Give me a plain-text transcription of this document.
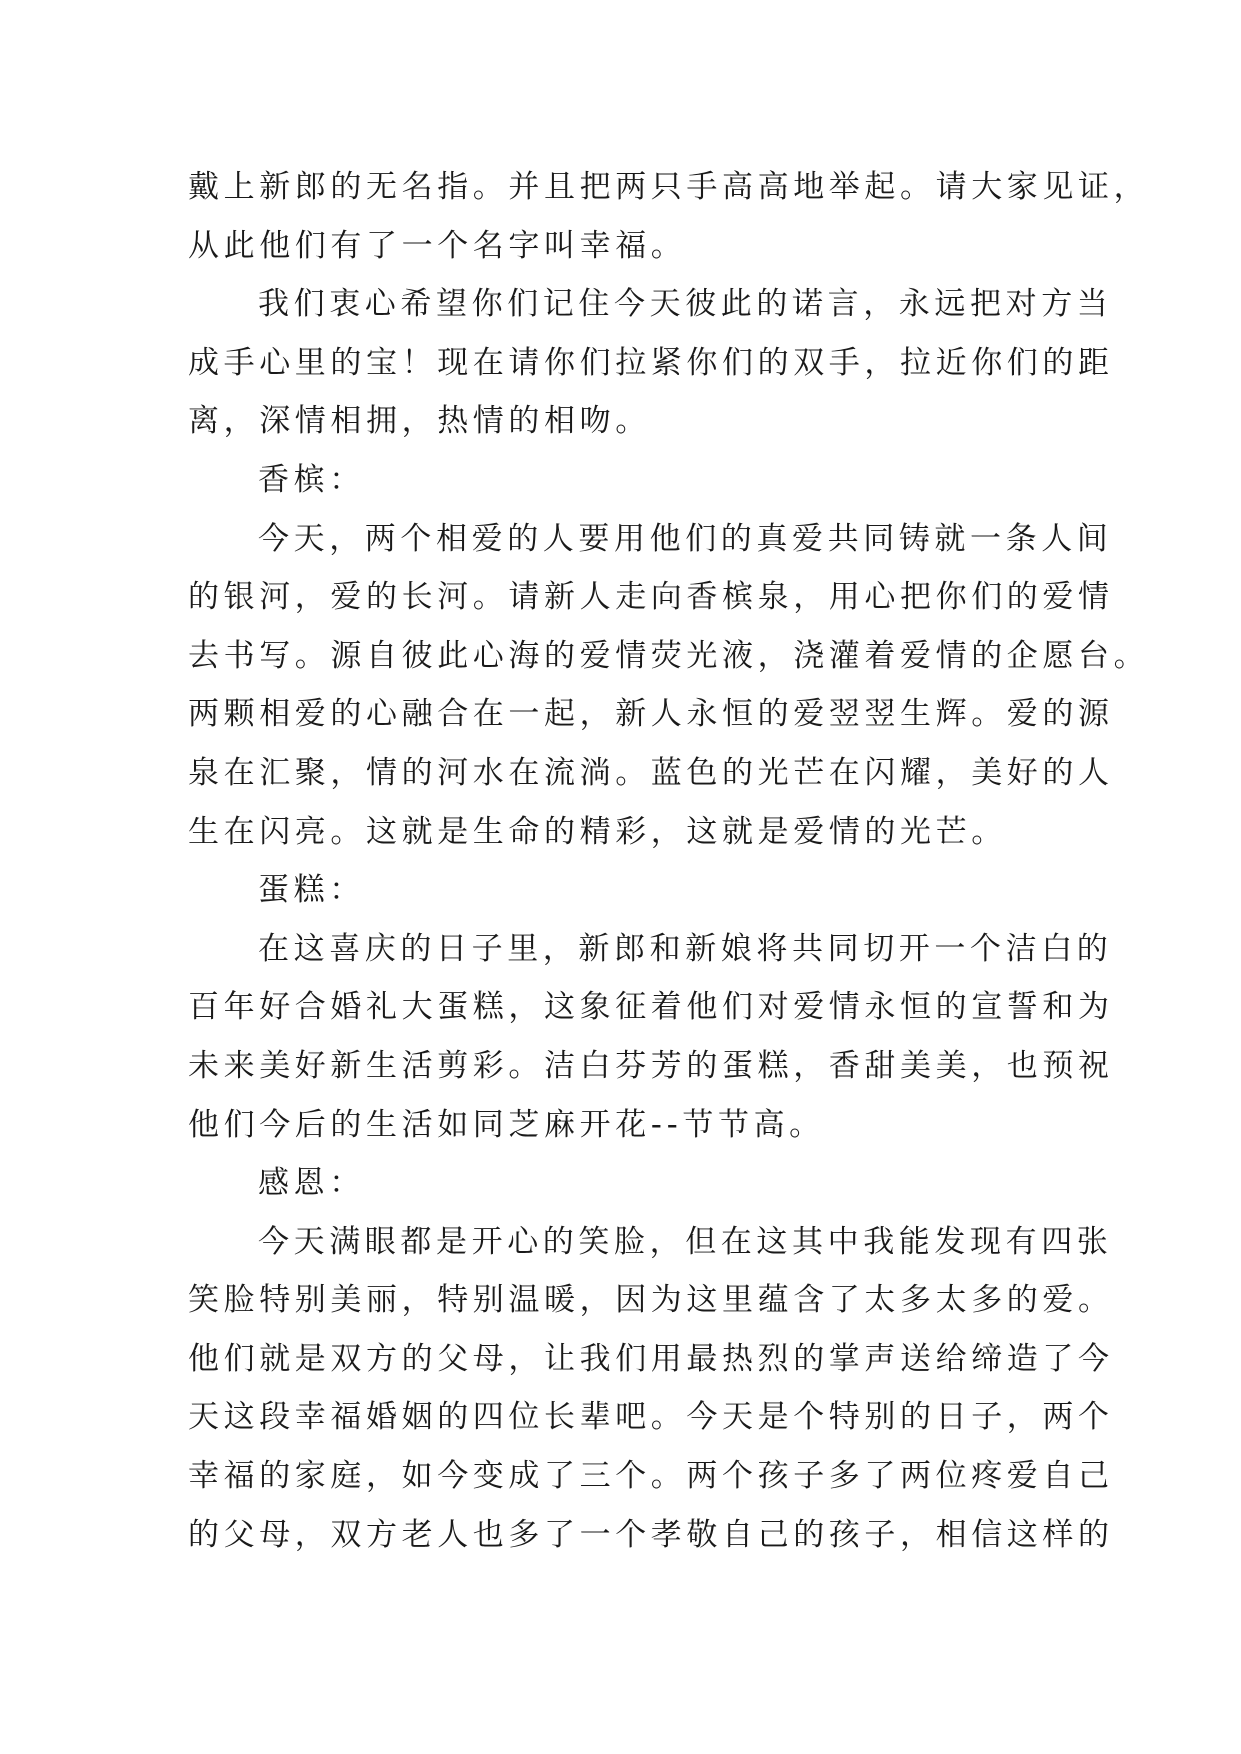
戴上新郎的无名指。并且把两只手高高地举起。请大家见证，
从此他们有了一个名字叫幸福。
我们衷心希望你们记住今天彼此的诺言，永远把对方当
成手心里的宝！现在请你们拉紧你们的双手，拉近你们的距
离，深情相拥，热情的相吻。
香槟：
今天，两个相爱的人要用他们的真爱共同铸就一条人间
的银河，爱的长河。请新人走向香槟泉，用心把你们的爱情
去书写。源自彼此心海的爱情荧光液，浇灌着爱情的企愿台。
两颗相爱的心融合在一起，新人永恒的爱翌翌生辉。爱的源
泉在汇聚，情的河水在流淌。蓝色的光芒在闪耀，美好的人
生在闪亮。这就是生命的精彩，这就是爱情的光芒。
蛋糕：
在这喜庆的日子里，新郎和新娘将共同切开一个洁白的
百年好合婚礼大蛋糕，这象征着他们对爱情永恒的宣誓和为
未来美好新生活剪彩。洁白芬芳的蛋糕，香甜美美，也预祝
他们今后的生活如同芝麻开花--节节高。
感恩：
今天满眼都是开心的笑脸，但在这其中我能发现有四张
笑脸特别美丽，特别温暖，因为这里蕴含了太多太多的爱。
他们就是双方的父母，让我们用最热烈的掌声送给缔造了今
天这段幸福婚姻的四位长辈吧。今天是个特别的日子，两个
幸福的家庭，如今变成了三个。两个孩子多了两位疼爱自己
的父母，双方老人也多了一个孝敬自己的孩子，相信这样的
